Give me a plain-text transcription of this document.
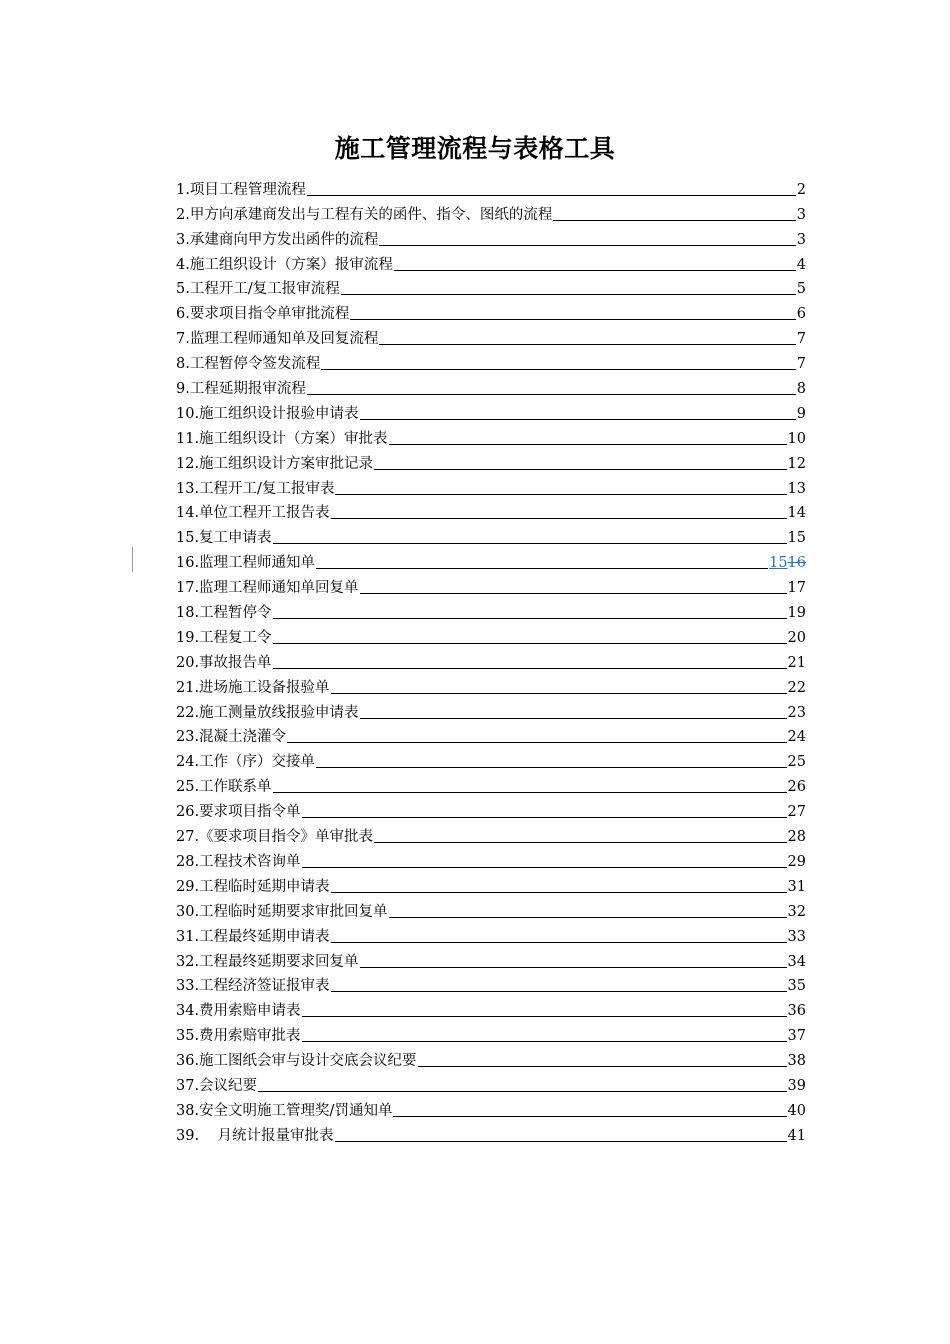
施工管理流程与表格工具
1.项目工程管理流程	2
2.甲方向承建商发出与工程有关的函件、指令、图纸的流程	3
3.承建商向甲方发出函件的流程	3
4.施工组织设计（方案）报审流程	4
5.工程开工/复工报审流程	5
6.要求项目指令单审批流程	6
7.监理工程师通知单及回复流程	7
8.工程暂停令签发流程	7
9.工程延期报审流程	8
10.施工组织设计报验申请表	9
11.施工组织设计（方案）审批表	10
12.施工组织设计方案审批记录	12
13.工程开工/复工报审表	13
14.单位工程开工报告表	14
15.复工申请表	15
16.监理工程师通知单	1516
17.监理工程师通知单回复单	17
18.工程暂停令	19
19.工程复工令	20
20.事故报告单	21
21.进场施工设备报验单	22
22.施工测量放线报验申请表	23
23.混凝土浇灌令	24
24.工作（序）交接单	25
25.工作联系单	26
26.要求项目指令单	27
27.《要求项目指令》单审批表	28
28.工程技术咨询单	29
29.工程临时延期申请表	31
30.工程临时延期要求审批回复单	32
31.工程最终延期申请表	33
32.工程最终延期要求回复单	34
33.工程经济签证报审表	35
34.费用索赔申请表	36
35.费用索赔审批表	37
36.施工图纸会审与设计交底会议纪要	38
37.会议纪要	39
38.安全文明施工管理奖/罚通知单	40
39.    月统计报量审批表	41
